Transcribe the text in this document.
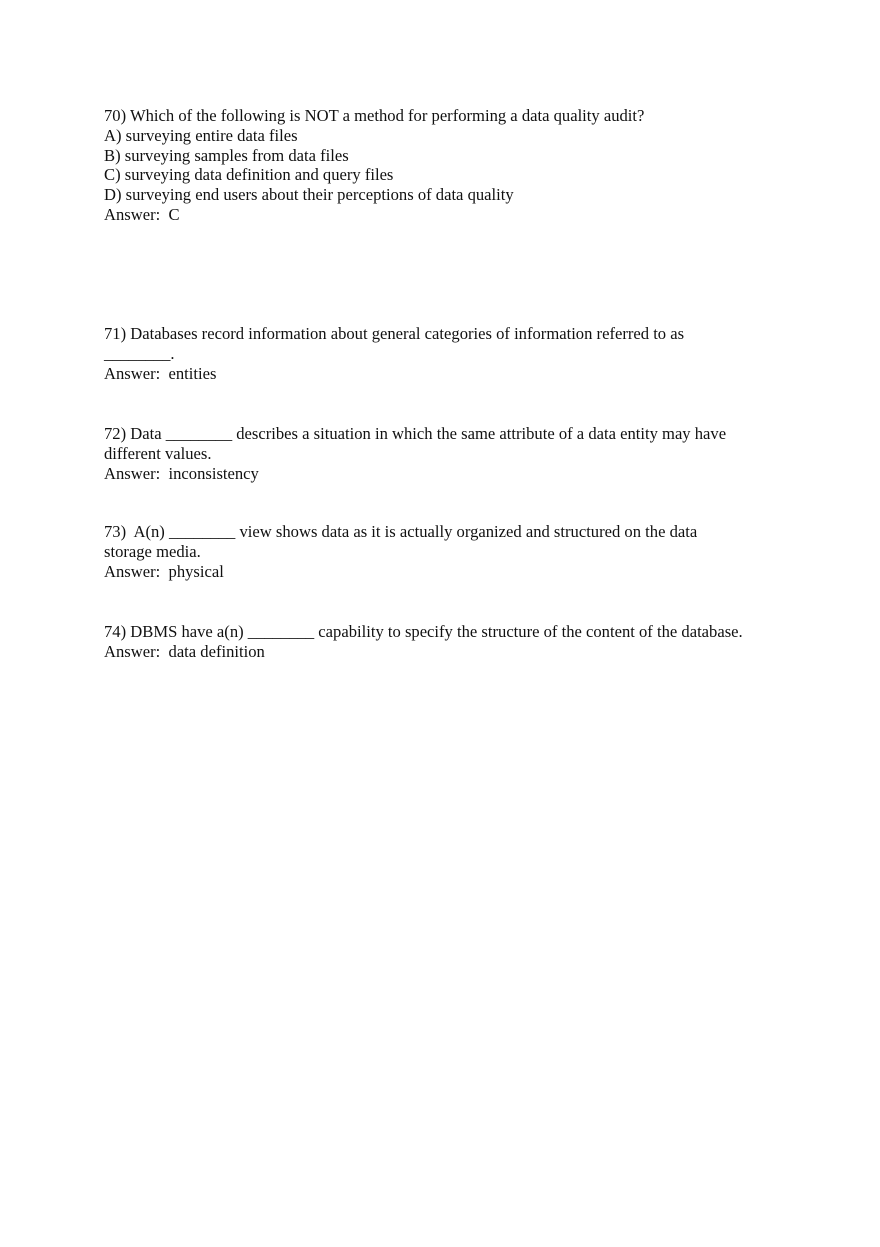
70) Which of the following is NOT a method for performing a data quality audit?
A) surveying entire data files
B) surveying samples from data files
C) surveying data definition and query files
D) surveying end users about their perceptions of data quality
Answer:  C
71) Databases record information about general categories of information referred to as
________.
Answer:  entities
72) Data ________ describes a situation in which the same attribute of a data entity may have
different values.
Answer:  inconsistency
73)  A(n) ________ view shows data as it is actually organized and structured on the data
storage media.
Answer:  physical
74) DBMS have a(n) ________ capability to specify the structure of the content of the database.
Answer:  data definition
